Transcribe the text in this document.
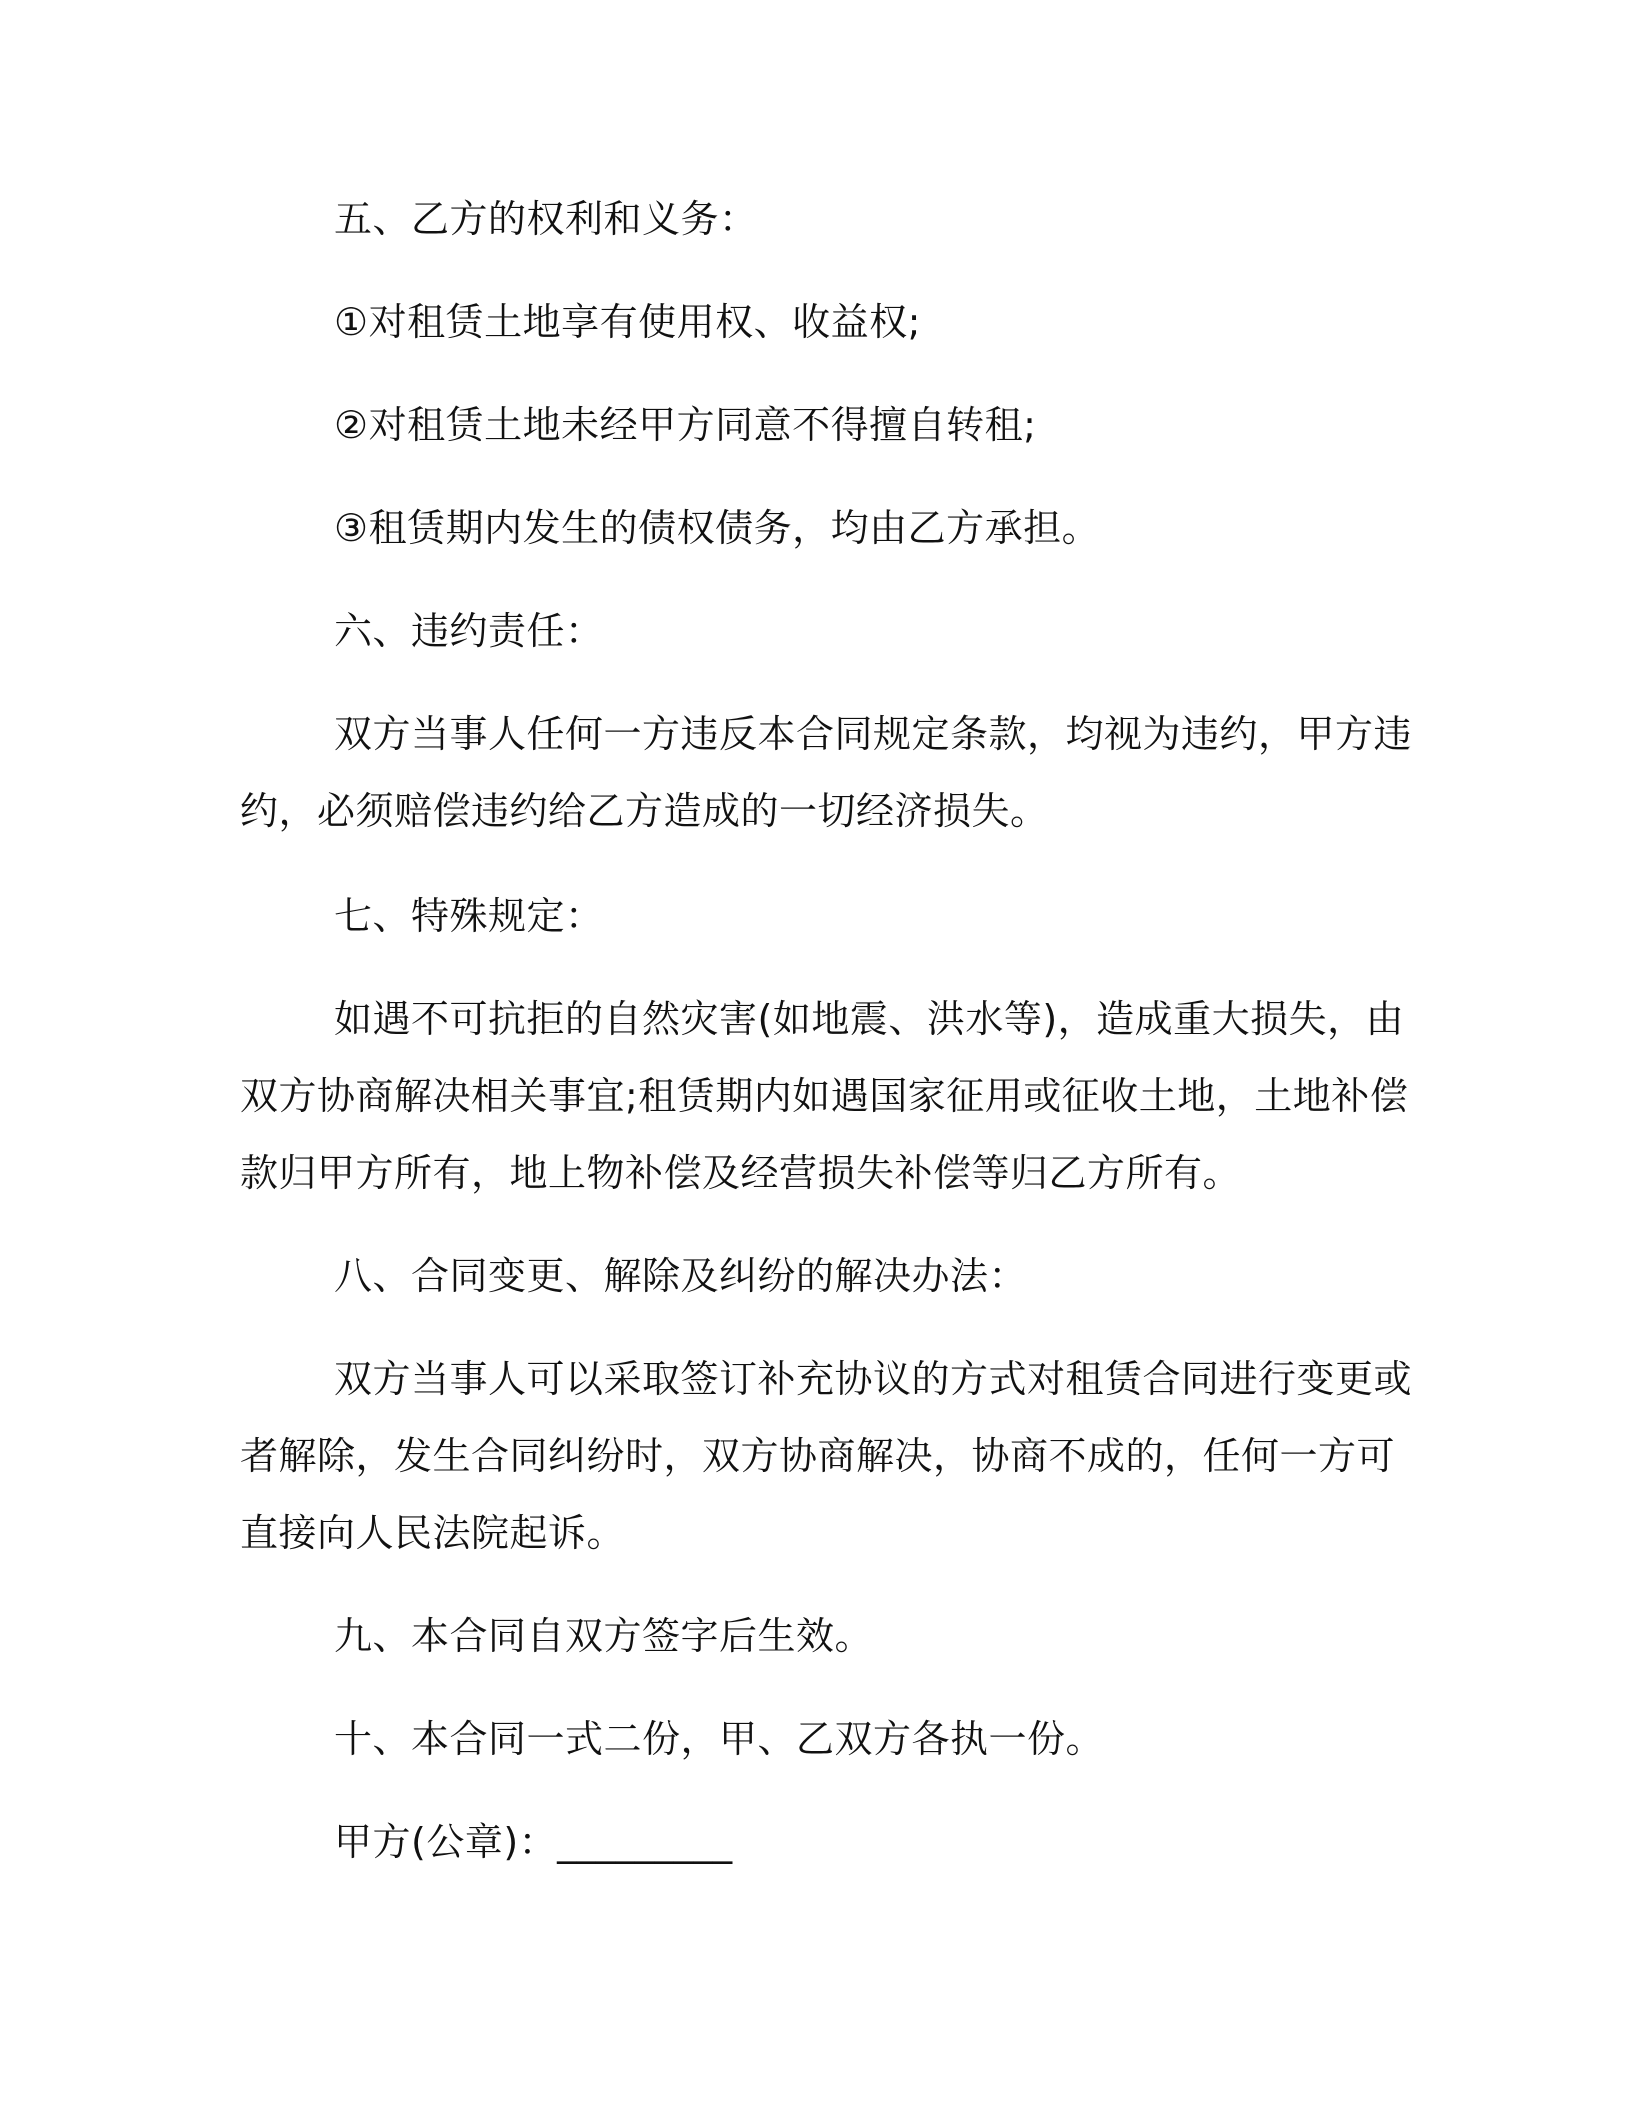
五、乙方的权利和义务：
①对租赁土地享有使用权、收益权;
②对租赁土地未经甲方同意不得擅自转租;
③租赁期内发生的债权债务，均由乙方承担。
六、违约责任：
双方当事人任何一方违反本合同规定条款，均视为违约，甲方违
约，必须赔偿违约给乙方造成的一切经济损失。
七、特殊规定：
如遇不可抗拒的自然灾害(如地震、洪水等)，造成重大损失，由
双方协商解决相关事宜;租赁期内如遇国家征用或征收土地，土地补偿
款归甲方所有，地上物补偿及经营损失补偿等归乙方所有。
八、合同变更、解除及纠纷的解决办法：
双方当事人可以采取签订补充协议的方式对租赁合同进行变更或
者解除，发生合同纠纷时，双方协商解决，协商不成的，任何一方可
直接向人民法院起诉。
九、本合同自双方签字后生效。
十、本合同一式二份，甲、乙双方各执一份。
甲方(公章)：_________
